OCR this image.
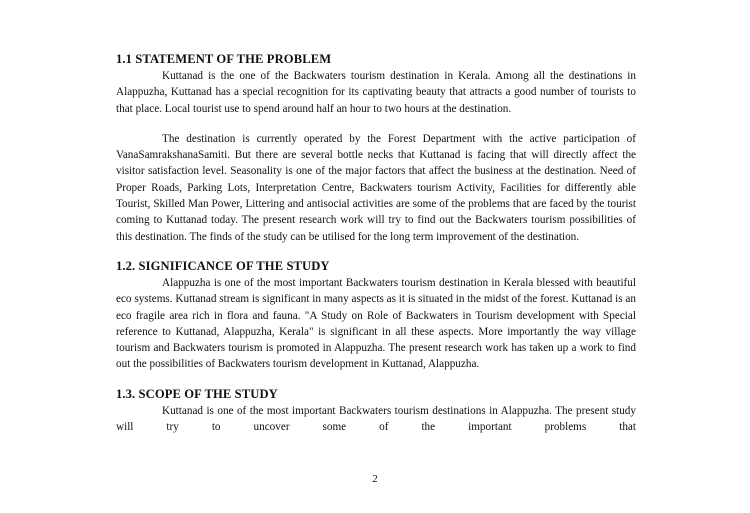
1.1 STATEMENT OF THE PROBLEM

Kuttanad is the one of the Backwaters tourism destination in Kerala. Among all the destinations in Alappuzha, Kuttanad has a special recognition for its captivating beauty that attracts a good number of tourists to that place. Local tourist use to spend around half an hour to two hours at the destination.

The destination is currently operated by the Forest Department with the active participation of VanaSamrakshanaSamiti. But there are several bottle necks that Kuttanad is facing that will directly affect the visitor satisfaction level. Seasonality is one of the major factors that affect the business at the destination. Need of Proper Roads, Parking Lots, Interpretation Centre, Backwaters tourism Activity, Facilities for differently able Tourist, Skilled Man Power, Littering and antisocial activities are some of the problems that are faced by the tourist coming to Kuttanad today. The present research work will try to find out the Backwaters tourism possibilities of this destination. The finds of the study can be utilised for the long term improvement of the destination.

1.2. SIGNIFICANCE OF THE STUDY

Alappuzha is one of the most important Backwaters tourism destination in Kerala blessed with beautiful eco systems. Kuttanad stream is significant in many aspects as it is situated in the midst of the forest. Kuttanad is an eco fragile area rich in flora and fauna. "A Study on Role of Backwaters in Tourism development with Special reference to Kuttanad, Alappuzha, Kerala" is significant in all these aspects. More importantly the way village tourism and Backwaters tourism is promoted in Alappuzha. The present research work has taken up a work to find out the possibilities of Backwaters tourism development in Kuttanad, Alappuzha.

1.3. SCOPE OF THE STUDY

Kuttanad is one of the most important Backwaters tourism destinations in Alappuzha. The present study will try to uncover some of the important problems that

2
